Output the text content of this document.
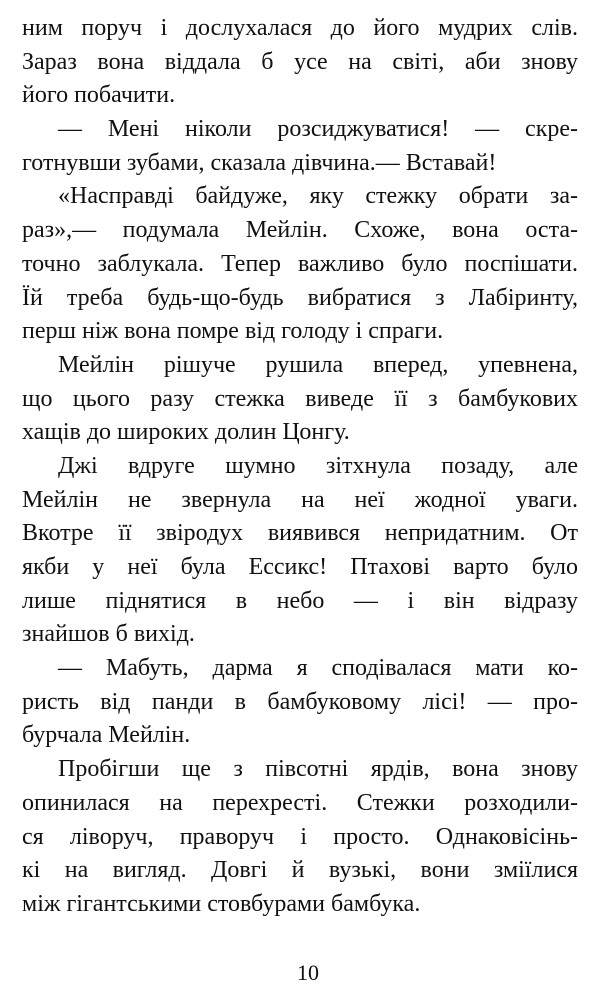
ним поруч і дослухалася до його мудрих слів.
Зараз вона віддала б усе на світі, аби знову
його побачити.
— Мені ніколи розсиджуватися! — скре-
готнувши зубами, сказала дівчина.— Вставай!
«Насправді байдуже, яку стежку обрати за-
раз»,— подумала Мейлін. Схоже, вона оста-
точно заблукала. Тепер важливо було поспішати.
Їй треба будь-що-будь вибратися з Лабіринту,
перш ніж вона помре від голоду і спраги.
Мейлін рішуче рушила вперед, упевнена,
що цього разу стежка виведе її з бамбукових
хащів до широких долин Цонгу.
Джі вдруге шумно зітхнула позаду, але
Мейлін не звернула на неї жодної уваги.
Вкотре її звіродух виявився непридатним. От
якби у неї була Ессикс! Птахові варто було
лише піднятися в небо — і він відразу
знайшов б вихід.
— Мабуть, дарма я сподівалася мати ко-
ристь від панди в бамбуковому лісі! — про-
бурчала Мейлін.
Пробігши ще з півсотні ярдів, вона знову
опинилася на перехресті. Стежки розходили-
ся ліворуч, праворуч і просто. Однаковісінь-
кі на вигляд. Довгі й вузькі, вони зміїлися
між гігантськими стовбурами бамбука.
10
